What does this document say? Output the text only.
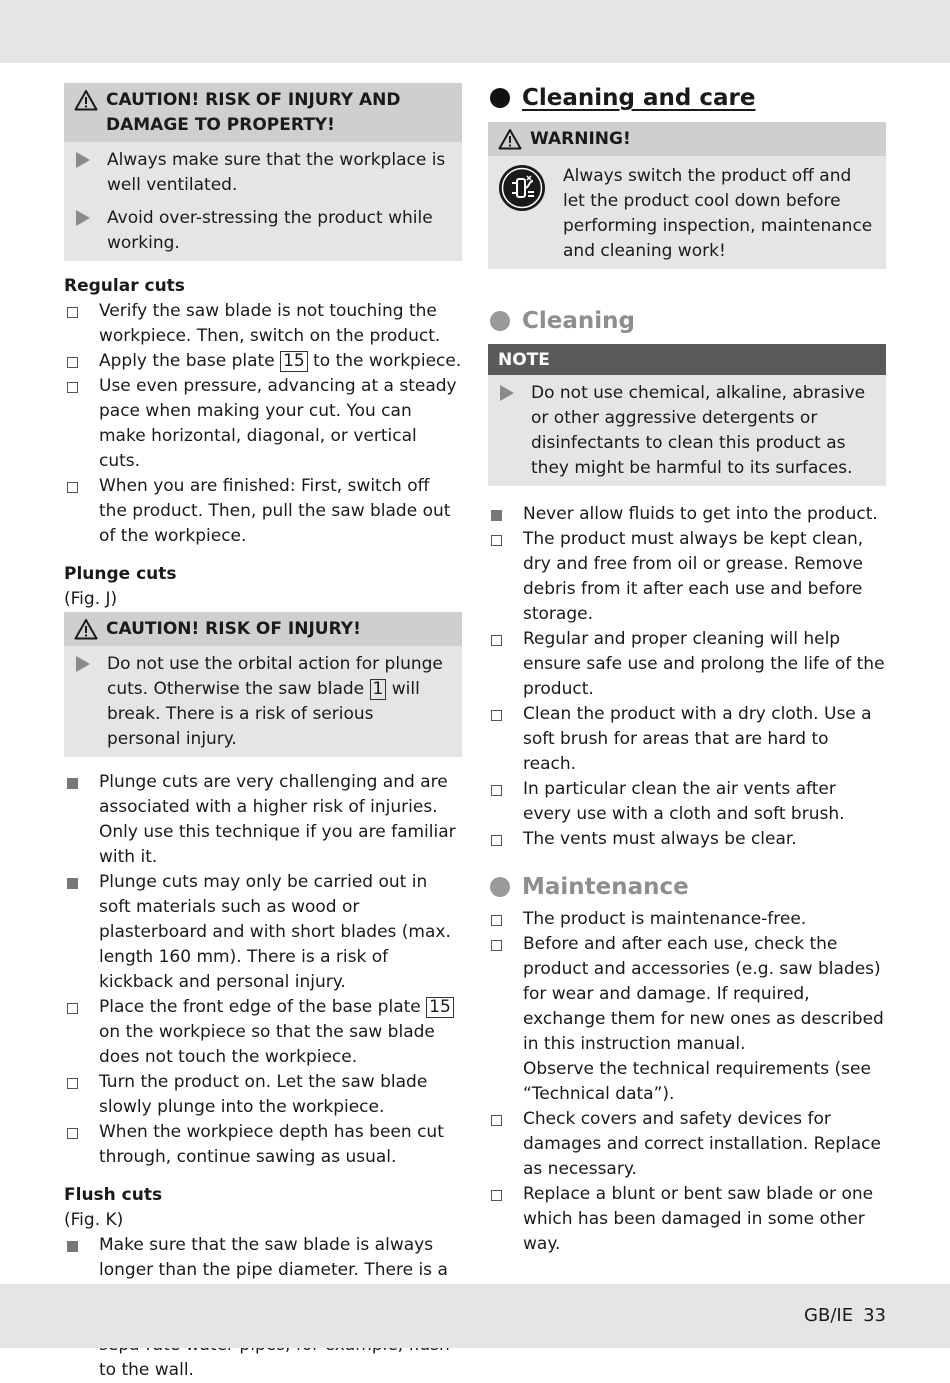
CAUTION! RISK OF INJURY AND DAMAGE TO PROPERTY!
Always make sure that the workplace is well ventilated.
Avoid over-stressing the product while working.
Regular cuts
Verify the saw blade is not touching the workpiece. Then, switch on the product.
Apply the base plate 15 to the workpiece.
Use even pressure, advancing at a steady pace when making your cut. You can make horizontal, diagonal, or vertical cuts.
When you are finished: First, switch off the product. Then, pull the saw blade out of the workpiece.
Plunge cuts
(Fig. J)
CAUTION! RISK OF INJURY!
Do not use the orbital action for plunge cuts. Otherwise the saw blade 1 will break. There is a risk of serious personal injury.
Plunge cuts are very challenging and are associated with a higher risk of injuries. Only use this technique if you are familiar with it.
Plunge cuts may only be carried out in soft materials such as wood or plasterboard and with short blades (max. length 160 mm). There is a risk of kickback and personal injury.
Place the front edge of the base plate 15 on the workpiece so that the saw blade does not touch the workpiece.
Turn the product on. Let the saw blade slowly plunge into the workpiece.
When the workpiece depth has been cut through, continue sawing as usual.
Flush cuts
(Fig. K)
Make sure that the saw blade is always longer than the pipe diameter. There is a
to the wall.
Cleaning and care
WARNING!
Always switch the product off and let the product cool down before performing inspection, maintenance and cleaning work!
Cleaning
NOTE
Do not use chemical, alkaline, abrasive or other aggressive detergents or disinfectants to clean this product as they might be harmful to its surfaces.
Never allow fluids to get into the product.
The product must always be kept clean, dry and free from oil or grease. Remove debris from it after each use and before storage.
Regular and proper cleaning will help ensure safe use and prolong the life of the product.
Clean the product with a dry cloth. Use a soft brush for areas that are hard to reach.
In particular clean the air vents after every use with a cloth and soft brush.
The vents must always be clear.
Maintenance
The product is maintenance-free.
Before and after each use, check the product and accessories (e.g. saw blades) for wear and damage. If required, exchange them for new ones as described in this instruction manual.
Observe the technical requirements (see “Technical data”).
Check covers and safety devices for damages and correct installation. Replace as necessary.
Replace a blunt or bent saw blade or one which has been damaged in some other way.
GB/IE 33
